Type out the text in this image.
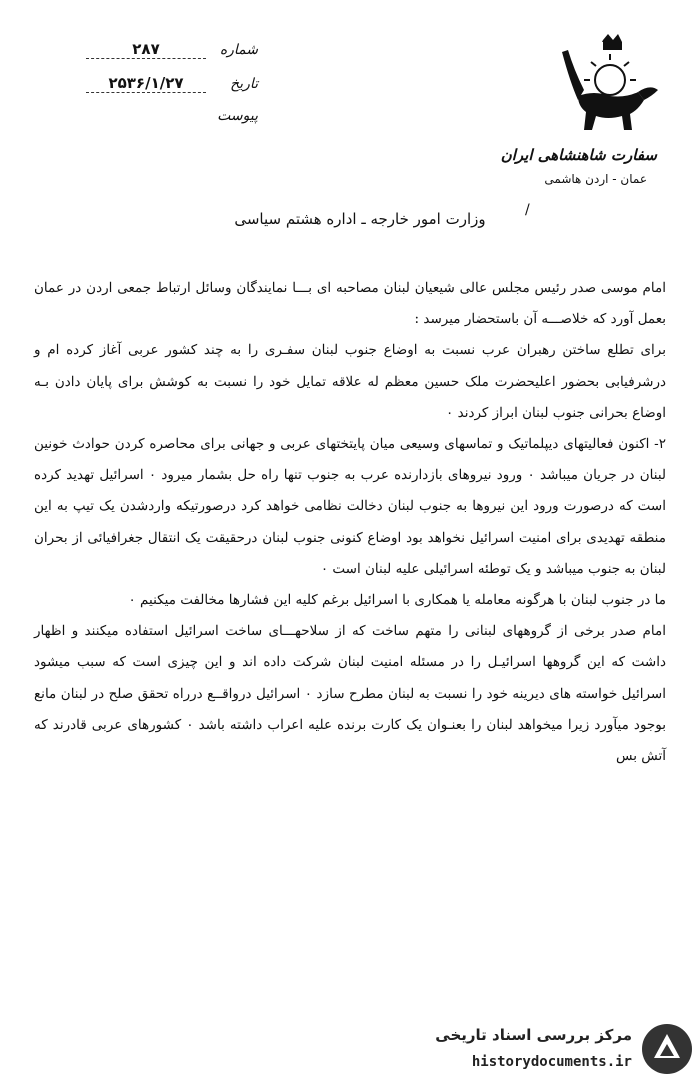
شماره
۲۸۷
تاریخ
۲۵۳۶/۱/۲۷
پیوست
سفارت شاهنشاهی ایران
عمان - اردن هاشمی
/
وزارت امور خارجه ـ اداره هشتم سیاسی

امام موسی صدر رئیس مجلس عالی شیعیان لبنان مصاحبه ای بـــا نمایندگان وسائل ارتباط جمعی اردن در عمان بعمل آورد که خلاصـــه آن باستحضار میرسد :

برای تطلع ساختن رهبران عرب نسبت به اوضاع جنوب لبنان سفـری را به چند کشور عربی آغاز کرده ام و درشرفیابی بحضور اعلیحضرت ملک حسین معظم له علاقه تمایل خود را نسبت به کوشش برای پایان دادن بـه اوضاع بحرانی جنوب لبنان ابراز کردند ۰

۲- اکنون فعالیتهای دیپلماتیک و تماسهای وسیعی میان پایتختهای عربی و جهانی برای محاصره کردن حوادث خونین لبنان در جریان میباشد ۰ ورود نیروهای بازدارنده عرب به جنوب تنها راه حل بشمار میرود ۰ اسرائیل تهدید کرده است که درصورت ورود این نیروها به جنوب لبنان دخالت نظامی خواهد کرد درصورتیکه واردشدن یک تیپ به این منطقه تهدیدی برای امنیت اسرائیل نخواهد بود اوضاع کنونی جنوب لبنان درحقیقت یک انتقال جغرافیائی از بحران لبنان به جنوب میباشد و یک توطئه اسرائیلی علیه لبنان است ۰

ما در جنوب لبنان با هرگونه معامله یا همکاری با اسرائیل برغم کلیه این فشارها مخالفت میکنیم ۰

امام صدر برخی از گروههای لبنانی را متهم ساخت که از سلاحهـــای ساخت اسرائیل استفاده میکنند و اظهار داشت که این گروهها اسرائیـل را در مسئله امنیت لبنان شرکت داده اند و این چیزی است که سبب میشود اسرائیل خواسته های دیرینه خود را نسبت به لبنان مطرح سازد ۰ اسرائیل درواقــع درراه تحقق صلح در لبنان مانع بوجود میآورد زیرا میخواهد لبنان را بعنـوان یک کارت برنده علیه اعراب داشته باشد ۰ کشورهای عربی قادرند که آتش بس

مرکز بررسی اسناد تاریخی
historydocuments.ir
